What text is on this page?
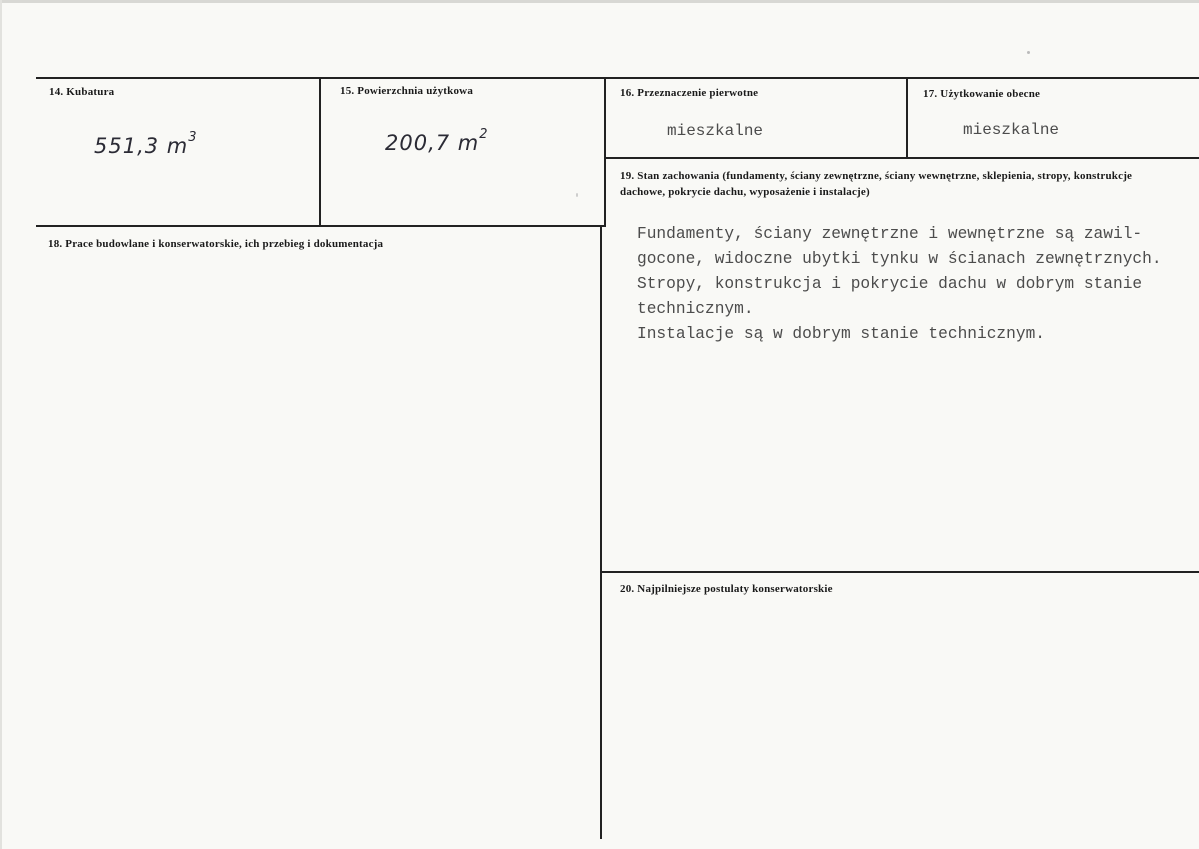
14. Kubatura
551,3 $m^3$
15. Powierzchnia użytkowa
200,7 $m^2$
16. Przeznaczenie pierwotne
mieszkalne
17. Użytkowanie obecne
mieszkalne
18. Prace budowlane i konserwatorskie, ich przebieg i dokumentacja
19. Stan zachowania (fundamenty, ściany zewnętrzne, ściany wewnętrzne, sklepienia, stropy, konstrukcje dachowe, pokrycie dachu, wyposażenie i instalacje)
Fundamenty, ściany zewnętrzne i wewnętrzne są zawil-
gocone, widoczne ubytki tynku w ścianach zewnętrznych.
Stropy, konstrukcja i pokrycie dachu w dobrym stanie
technicznym.
Instalacje są w dobrym stanie technicznym.
20. Najpilniejsze postulaty konserwatorskie
